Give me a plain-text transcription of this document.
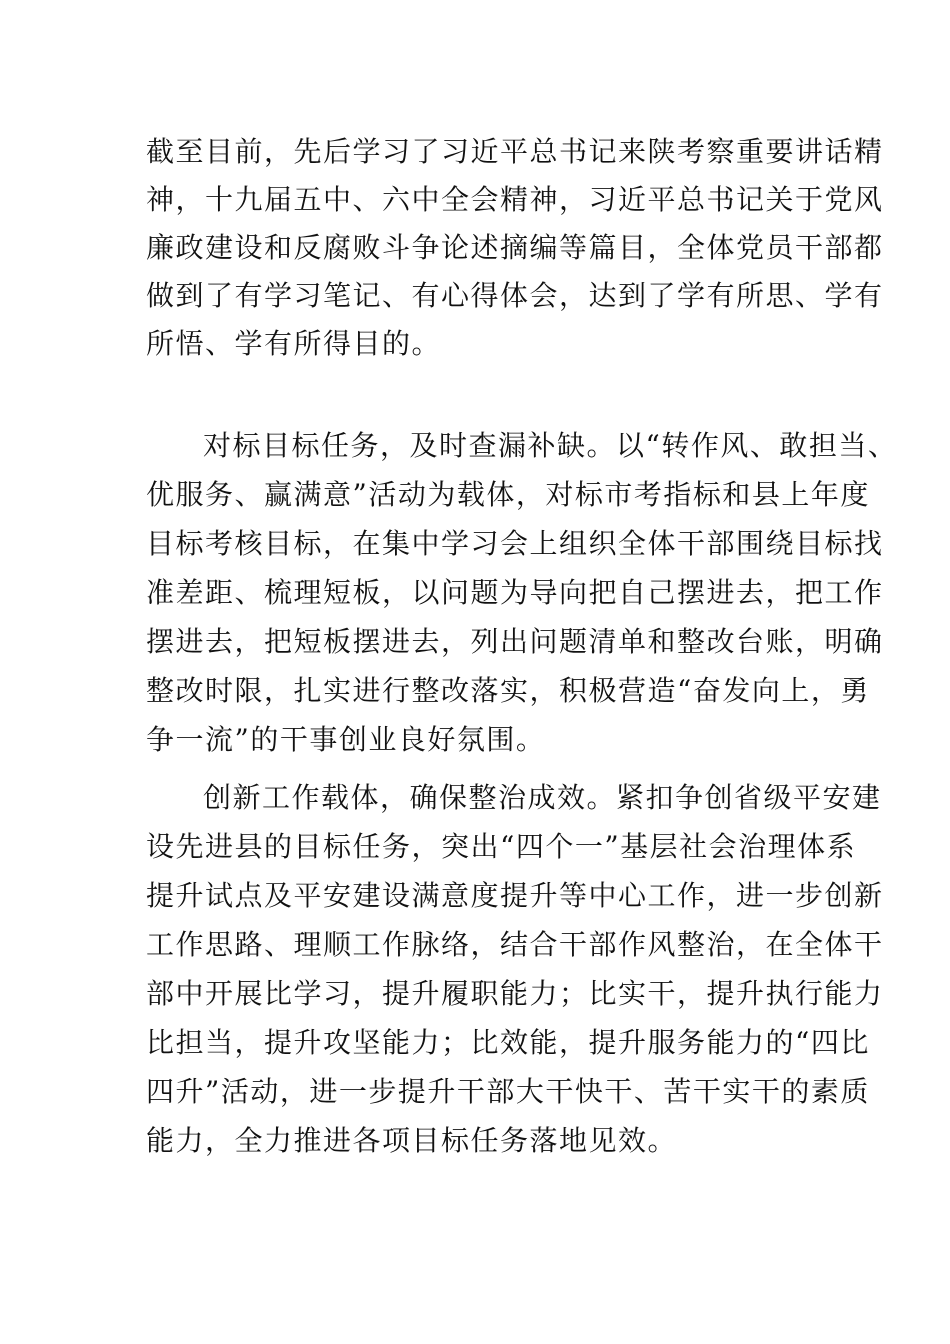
截至目前，先后学习了习近平总书记来陕考察重要讲话精
神，十九届五中、六中全会精神，习近平总书记关于党风
廉政建设和反腐败斗争论述摘编等篇目，全体党员干部都
做到了有学习笔记、有心得体会，达到了学有所思、学有
所悟、学有所得目的。
对标目标任务，及时查漏补缺。以“转作风、敢担当、
优服务、赢满意”活动为载体，对标市考指标和县上年度
目标考核目标，在集中学习会上组织全体干部围绕目标找
准差距、梳理短板，以问题为导向把自己摆进去，把工作
摆进去，把短板摆进去，列出问题清单和整改台账，明确
整改时限，扎实进行整改落实，积极营造“奋发向上，勇
争一流”的干事创业良好氛围。
创新工作载体，确保整治成效。紧扣争创省级平安建
设先进县的目标任务，突出“四个一”基层社会治理体系
提升试点及平安建设满意度提升等中心工作，进一步创新
工作思路、理顺工作脉络，结合干部作风整治，在全体干
部中开展比学习，提升履职能力；比实干，提升执行能力
比担当，提升攻坚能力；比效能，提升服务能力的“四比
四升”活动，进一步提升干部大干快干、苦干实干的素质
能力，全力推进各项目标任务落地见效。
